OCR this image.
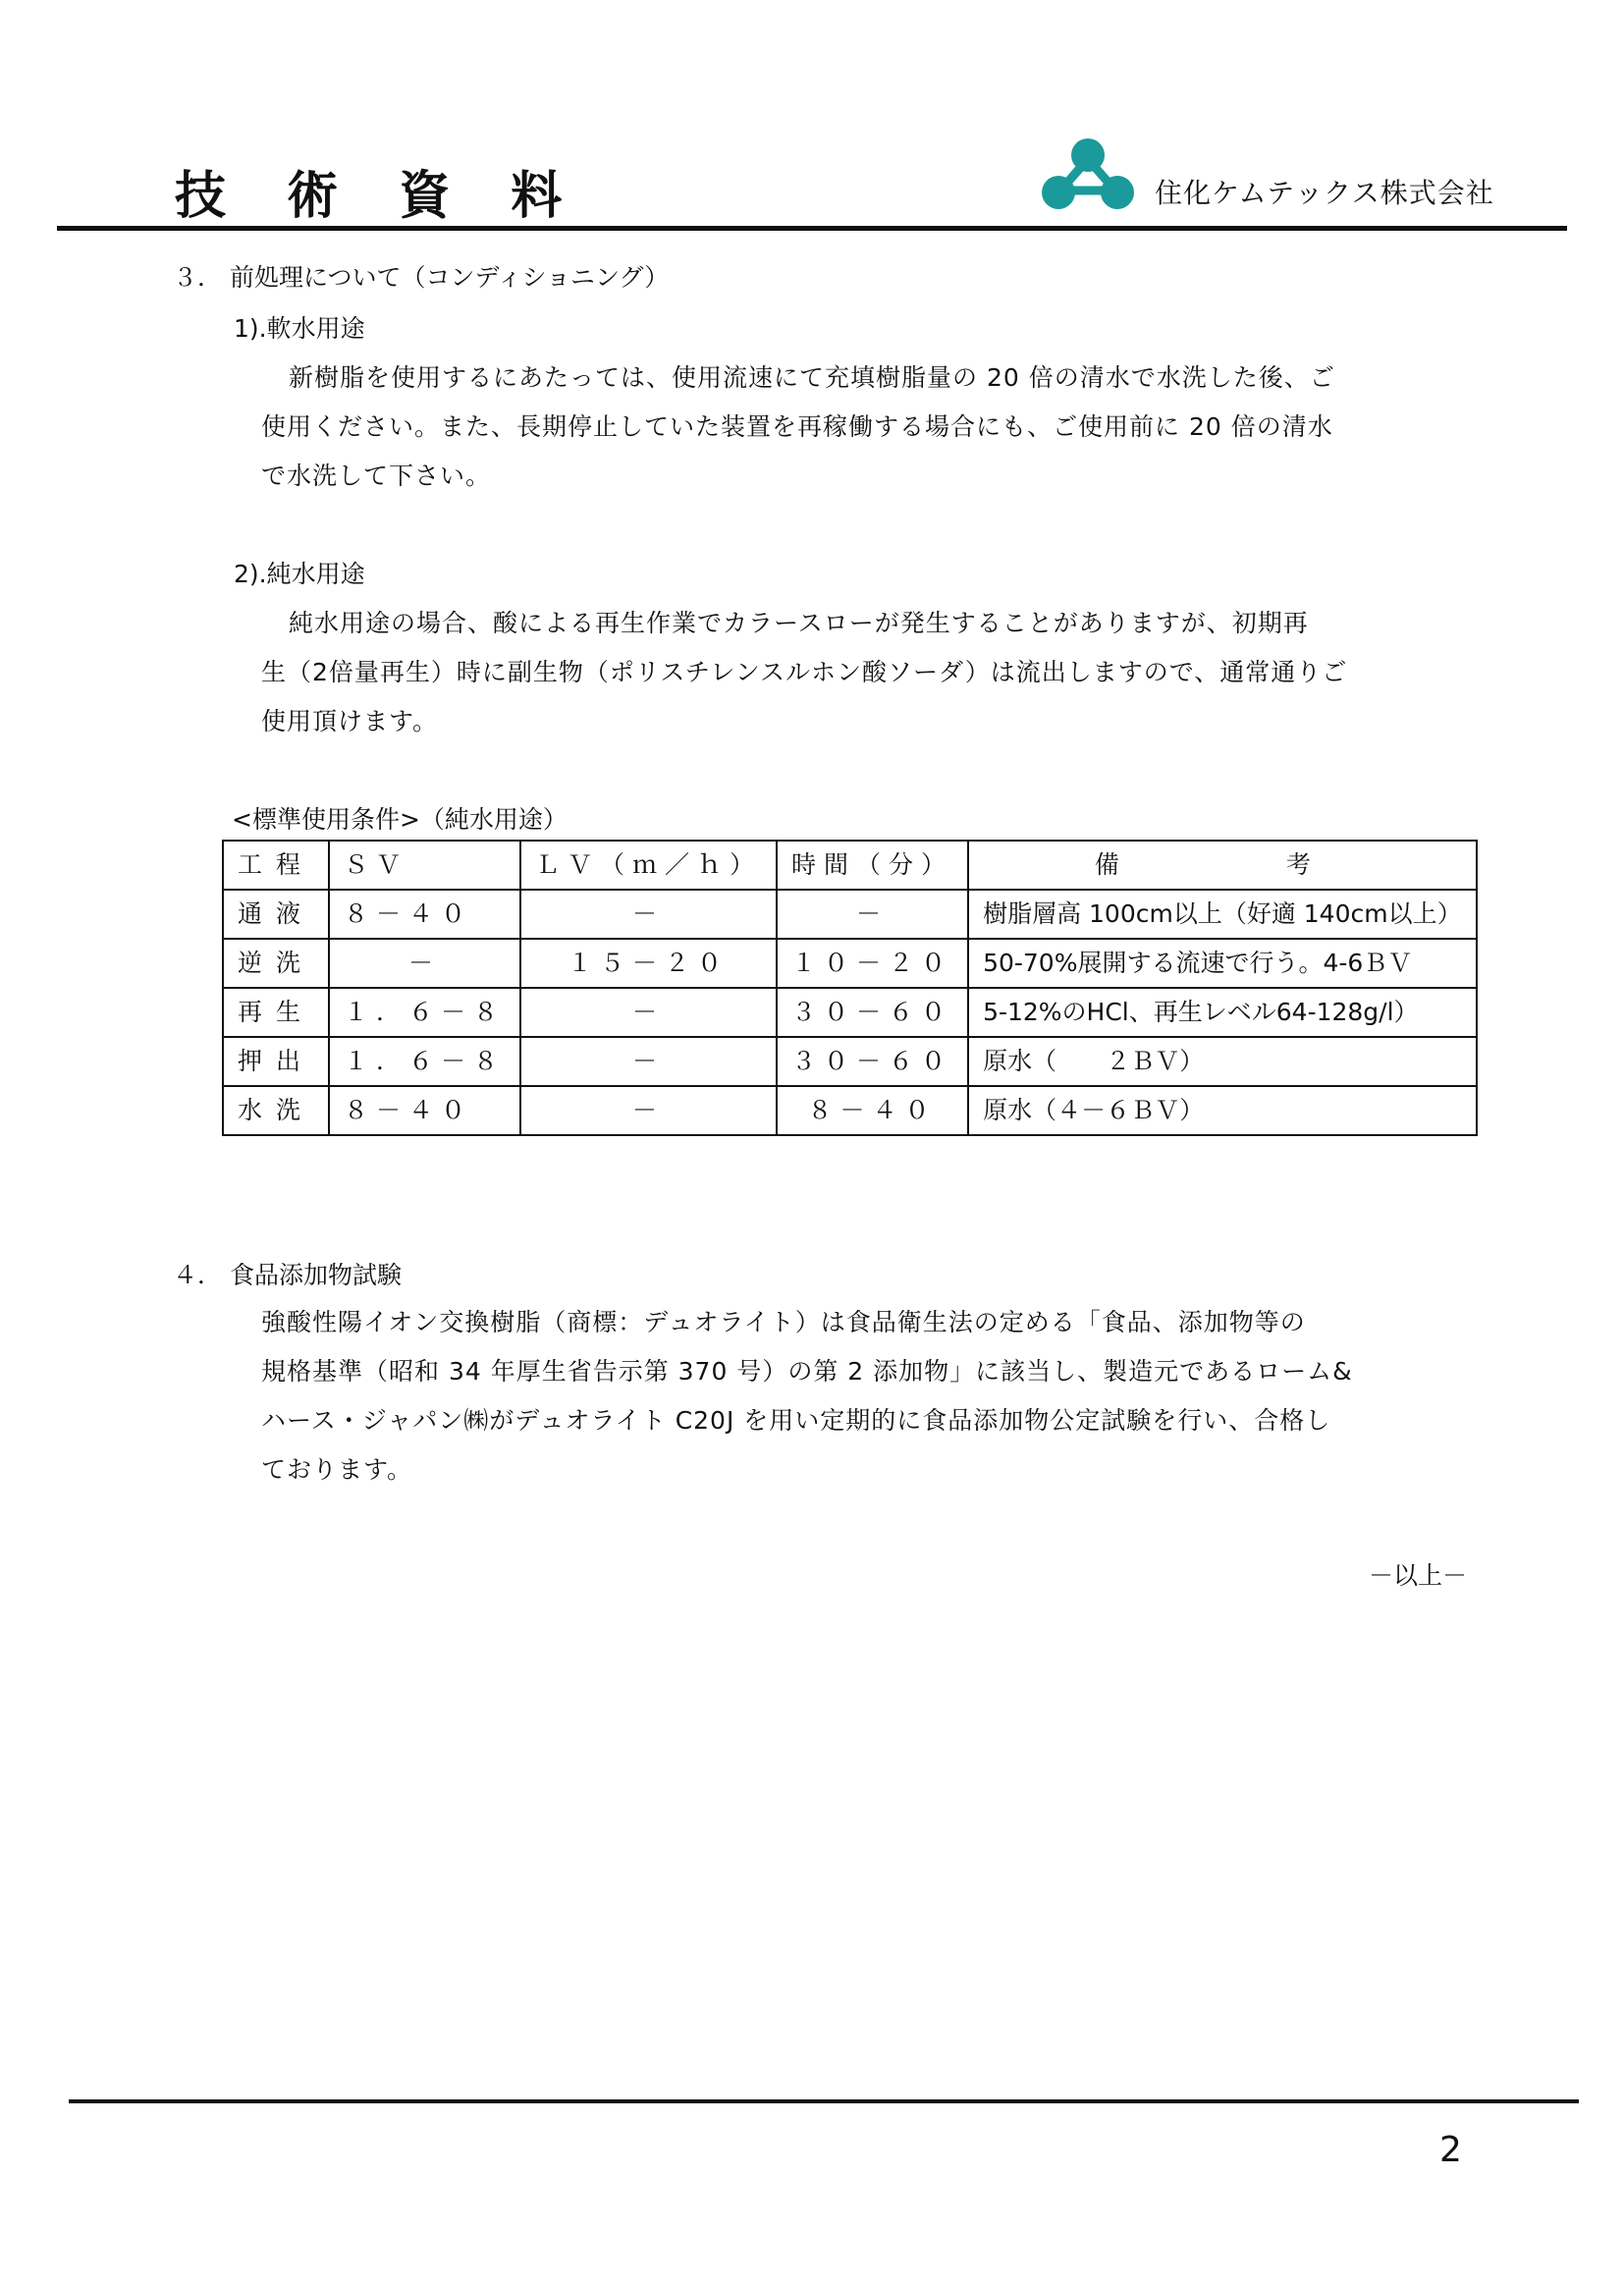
技 術 資 料	住化ケムテックス株式会社
３． 前処理について（コンディショニング）
1).軟水用途

新樹脂を使用するにあたっては、使用流速にて充填樹脂量の 20 倍の清水で水洗した後、ご

使用ください。また、長期停止していた装置を再稼働する場合にも、ご使用前に 20 倍の清水

で水洗して下さい。

2).純水用途

純水用途の場合、酸による再生作業でカラースローが発生することがありますが、初期再

生（2倍量再生）時に副生物（ポリスチレンスルホン酸ソーダ）は流出しますので、通常通りご

使用頂けます。

<標準使用条件>（純水用途）
工程	ＳＶ	ＬＶ（ｍ／ｈ）	時間（分）	備　　考
通液	８－４０	－	－	樹脂層高 100cm以上（好適 140cm以上）
逆洗	－	１５－２０	１０－２０	50-70%展開する流速で行う。4-6ＢＶ
再生	１．６－８	－	３０－６０	5-12%のHCl、再生レベル64-128g/l）
押出	１．６－８	－	３０－６０	原水（　　２ＢＶ）
水洗	８－４０	－	８－４０	原水（４－６ＢＶ）
４． 食品添加物試験

強酸性陽イオン交換樹脂（商標：デュオライト）は食品衛生法の定める「食品、添加物等の

規格基準（昭和 34 年厚生省告示第 370 号）の第 2 添加物」に該当し、製造元であるローム&

ハース・ジャパン㈱がデュオライト C20J を用い定期的に食品添加物公定試験を行い、合格し

ております。

－以上－
2
